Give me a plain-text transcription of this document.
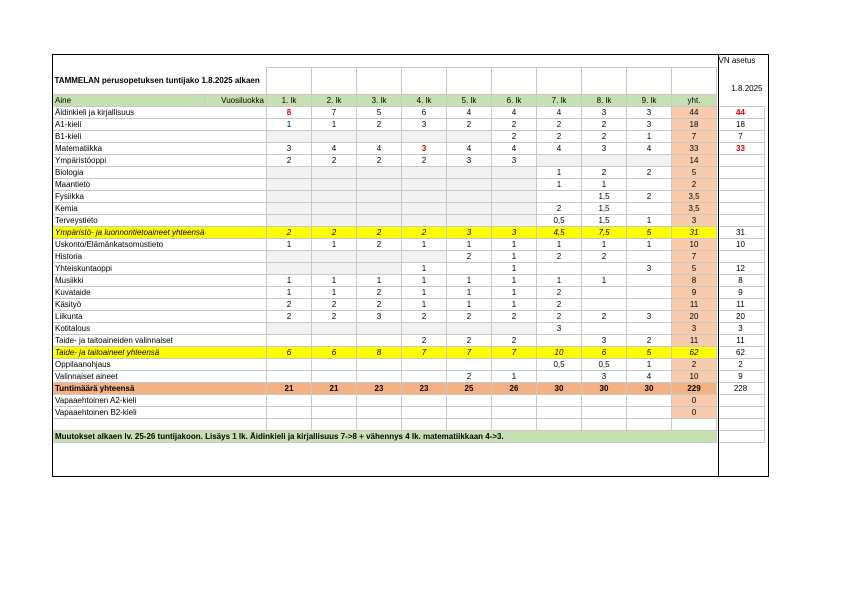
												VN asetus
TAMMELAN perusopetuksen tuntijako 1.8.2025 alkaen												1.8.2025
Aine	Vuosiluokka	1. lk	2. lk	3. lk	4. lk	5. lk	6. lk	7. lk	8. lk	9. lk	yht.	
Äidinkieli ja kirjallisuus		8	7	5	6	4	4	4	3	3	44	44
A1-kieli		1	1	2	3	2	2	2	2	3	18	18
B1-kieli							2	2	2	1	7	7
Matematiikka		3	4	4	3	4	4	4	3	4	33	33
Ympäristöoppi		2	2	2	2	3	3				14	
Biologia								1	2	2	5	
Maantieto								1	1		2	
Fysiikka									1,5	2	3,5	
Kemia								2	1,5		3,5	
Terveystieto								0,5	1,5	1	3	
Ympäristö- ja luonnontietoaineet yhteensä		2	2	2	2	3	3	4,5	7,5	5	31	31
Uskonto/Elämänkatsomustieto		1	1	2	1	1	1	1	1	1	10	10
Historia						2	1	2	2		7	
Yhteiskuntaoppi					1		1			3	5	12
Musiikki		1	1	1	1	1	1	1	1		8	8
Kuvataide		1	1	2	1	1	1	2			9	9
Käsityö		2	2	2	1	1	1	2			11	11
Liikunta		2	2	3	2	2	2	2	2	3	20	20
Kotitalous								3			3	3
Taide- ja taitoaineiden valinnaiset					2	2	2		3	2	11	11
Taide- ja taitoaineet yhteensä		6	6	8	7	7	7	10	6	5	62	62
Oppilaanohjaus								0,5	0,5	1	2	2
Valinnaiset aineet						2	1		3	4	10	9
Tuntimäärä yhteensä		21	21	23	23	25	26	30	30	30	229	228
Vapaaehtoinen A2-kieli											0	
Vapaaehtoinen B2-kieli											0	

Muutokset alkaen lv. 25-26 tuntijakoon. Lisäys 1 lk. Äidinkieli ja kirjallisuus 7->8 + vähennys 4 lk. matematiikkaan 4->3.												
